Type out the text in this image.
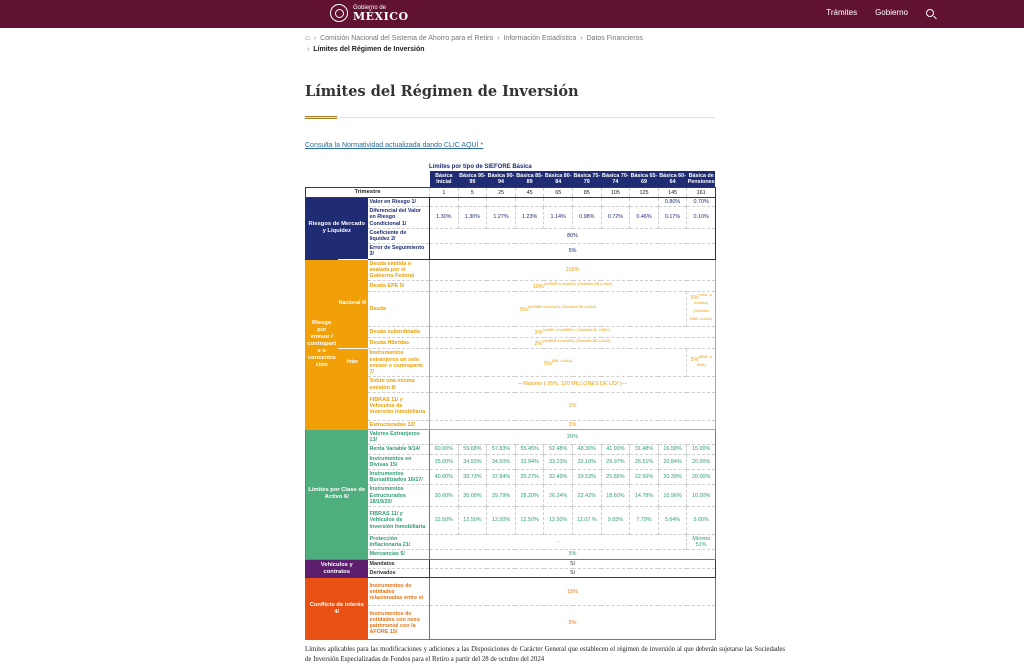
Gobierno de
MÉXICO	Trámites Gobierno
⌂ › Comisión Nacional del Sistema de Ahorro para el Retiro › Información Estadística › Datos Financieros
› Límites del Régimen de Inversión
Límites del Régimen de Inversión
Consulta la Normatividad actualizada dando CLIC AQUÍ *
Límites por tipo de SIEFORE Básica
			Básica Inicial	Básica 95-99	Básica 90-94	Básica 85-89	Básica 80-84	Básica 75-79	Básica 70-74	Básica 65-69	Básica 60-64	Básica de Pensiones
Trimestre			1	5	25	45	65	85	105	125	145	161
Riesgos de Mercado y Liquidez		Valor en Riesgo 1/									0.80%	0.70%
		Diferencial del Valor en Riesgo Condicional 1/	1.30%	1.30%	1.27%	1.23%	1.14%	0.98%	0.72%	0.46%	0.17%	0.10%
		Coeficiente de liquidez 2/	80%									
		Error de Seguimiento 3/	5%									
Riesgo por emisor / contraparte o concentración	Nacional 4/	Deuda emitida o avalada por el Gobierno Federal	100%									
		Deuda EPE 5/	10%$^{(mxBBB a mxAAA) (Globales BB a AAA)}$
		Deuda	5%$^{(mxBBB a mxAAA) (Globales BB a AAA)}$									5%$^{(mxA- a mxAAA) (Globales BBB- a AAA)}$
		Deuda subordinada	2%$^{(mxBB- a mxBBB+) (Globales B- a BB+)}$
		Deuda Híbridas	2%$^{(mxBBB a mxAAA) (Globales BB a AAA)}$
	Inter	Instrumentos extranjeros un solo emisor o contraparte 7/	5%$^{(BB- a AAA)}$									5%$^{(BBB- a AAA)}$
		Sobre una misma emisión 8/	—Máximo ( 35%, 120 MILLONES DE UDI )—									
		FIBRAS 11/ y Vehículos de inversión Inmobiliaria	2%									
		Estructurados 12/	3%									
Límites por Clase de Activo 6/		Valores Extranjeros 13/	20%									
		Renta Variable 9/14/	60.00%	59.68%	57.83%	55.45%	52.48%	48.30%	41.90%	31.48%	16.58%	15.00%
		Instrumentos en Divisas 15/	35.00%	34.93%	34.50%	33.94%	33.23%	32.10%	29.97%	26.51%	20.84%	20.00%
		Instrumentos Bursatilizados 16/17/	40.00%	39.73%	37.84%	35.27%	32.49%	29.53%	25.85%	22.56%	20.39%	20.00%
		Instrumentos Estructurados 18/19/20/	30.00%	30.00%	29.79%	28.20%	26.24%	22.42%	18.60%	14.78%	10.96%	10.00%
		FIBRAS 11/ y Vehículos de inversión Inmobiliaria	12.50%	12.50%	12.50%	12.50%	12.50%	12.07 %	9.93%	7.79%	5.64%	5.00%
		Protección Inflacionaria 21/	-									Mínimo 51%
		Mercancías 5/	5%									
Vehículos y contratos		Mandatos	Sí									
		Derivados	Sí									
Conflicto de interés 4/		Instrumentos de entidades relacionadas entre sí	15%									
		Instrumentos de entidades con nexo patrimonial con la AFORE 15/	5%									

Límites aplicables para las modificaciones y adiciones a las Disposiciones de Carácter General que establecen el régimen de inversión al que deberán sujetarse las Sociedades de Inversión Especializadas de Fondos para el Retiro a partir del 28 de octubre del 2024
